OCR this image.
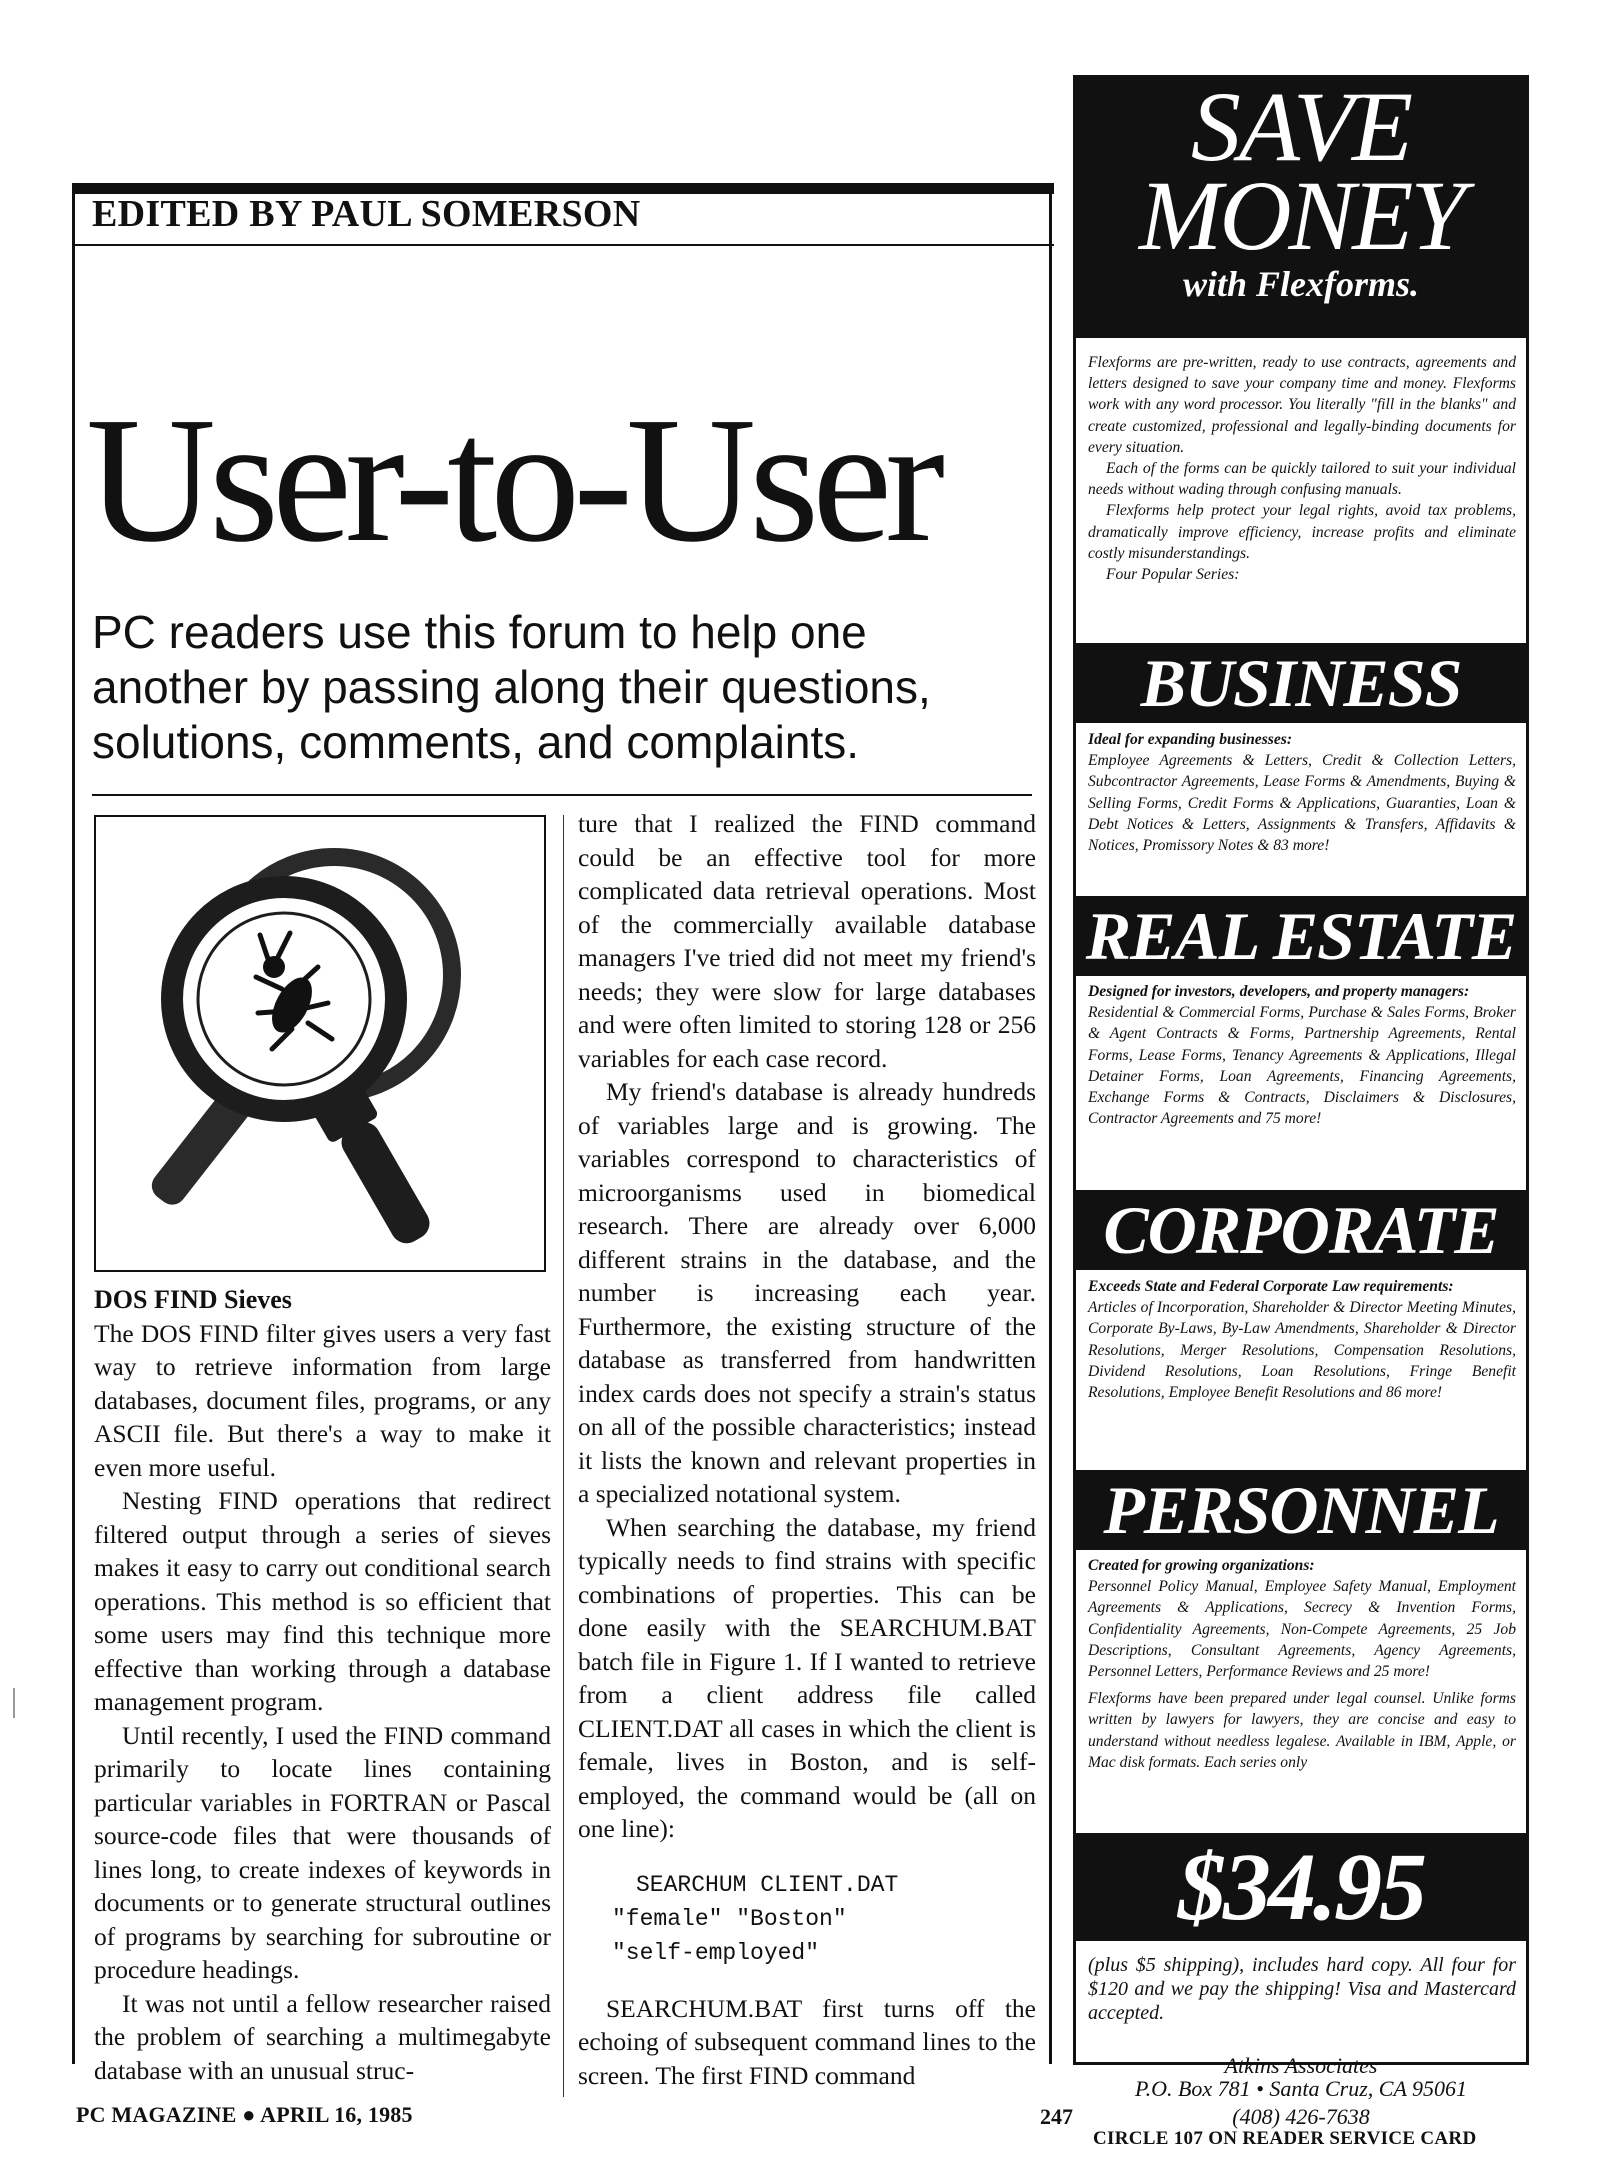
EDITED BY PAUL SOMERSON
User-to-User
PC readers use this forum to help one another by passing along their questions, solutions, comments, and complaints.

DOS FIND Sieves

The DOS FIND filter gives users a very fast way to retrieve information from large databases, document files, programs, or any ASCII file. But there's a way to make it even more useful.

Nesting FIND operations that redirect filtered output through a series of sieves makes it easy to carry out conditional search operations. This method is so efficient that some users may find this technique more effective than working through a database management program.

Until recently, I used the FIND command primarily to locate lines containing particular variables in FORTRAN or Pascal source-code files that were thousands of lines long, to create indexes of keywords in documents or to generate structural outlines of programs by searching for subroutine or procedure headings.

It was not until a fellow researcher raised the problem of searching a multimegabyte database with an unusual struc-

ture that I realized the FIND command could be an effective tool for more complicated data retrieval operations. Most of the commercially available database managers I've tried did not meet my friend's needs; they were slow for large databases and were often limited to storing 128 or 256 variables for each case record.

My friend's database is already hundreds of variables large and is growing. The variables correspond to characteristics of microorganisms used in biomedical research. There are already over 6,000 different strains in the database, and the number is increasing each year. Furthermore, the existing structure of the database as transferred from handwritten index cards does not specify a strain's status on all of the possible characteristics; instead it lists the known and relevant properties in a specialized notational system.

When searching the database, my friend typically needs to find strains with specific combinations of properties. This can be done easily with the SEARCHUM.BAT batch file in Figure 1. If I wanted to retrieve from a client address file called CLIENT.DAT all cases in which the client is female, lives in Boston, and is self-employed, the command would be (all on one line):

SEARCHUM CLIENT.DAT
"female" "Boston"
"self-employed"

SEARCHUM.BAT first turns off the echoing of subsequent command lines to the screen. The first FIND command

PC MAGAZINE ● APRIL 16, 1985	247
SAVE
MONEY
with Flexforms.

Flexforms are pre-written, ready to use contracts, agreements and letters designed to save your company time and money. Flexforms work with any word processor. You literally "fill in the blanks" and create customized, professional and legally-binding documents for every situation.

Each of the forms can be quickly tailored to suit your individual needs without wading through confusing manuals.

Flexforms help protect your legal rights, avoid tax problems, dramatically improve efficiency, increase profits and eliminate costly misunderstandings.

Four Popular Series:

BUSINESS

Ideal for expanding businesses:

Employee Agreements & Letters, Credit & Collection Letters, Subcontractor Agreements, Lease Forms & Amendments, Buying & Selling Forms, Credit Forms & Applications, Guaranties, Loan & Debt Notices & Letters, Assignments & Transfers, Affidavits & Notices, Promissory Notes & 83 more!

REAL ESTATE

Designed for investors, developers, and property managers:

Residential & Commercial Forms, Purchase & Sales Forms, Broker & Agent Contracts & Forms, Partnership Agreements, Rental Forms, Lease Forms, Tenancy Agreements & Applications, Illegal Detainer Forms, Loan Agreements, Financing Agreements, Exchange Forms & Contracts, Disclaimers & Disclosures, Contractor Agreements and 75 more!

CORPORATE

Exceeds State and Federal Corporate Law requirements:

Articles of Incorporation, Shareholder & Director Meeting Minutes, Corporate By-Laws, By-Law Amendments, Shareholder & Director Resolutions, Merger Resolutions, Compensation Resolutions, Dividend Resolutions, Loan Resolutions, Fringe Benefit Resolutions, Employee Benefit Resolutions and 86 more!

PERSONNEL

Created for growing organizations:

Personnel Policy Manual, Employee Safety Manual, Employment Agreements & Applications, Secrecy & Invention Forms, Confidentiality Agreements, Non-Compete Agreements, 25 Job Descriptions, Consultant Agreements, Agency Agreements, Personnel Letters, Performance Reviews and 25 more!

Flexforms have been prepared under legal counsel. Unlike forms written by lawyers for lawyers, they are concise and easy to understand without needless legalese. Available in IBM, Apple, or Mac disk formats. Each series only

$34.95

(plus $5 shipping), includes hard copy. All four for $120 and we pay the shipping! Visa and Mastercard accepted.

Atkins Associates
P.O. Box 781 • Santa Cruz, CA 95061
(408) 426-7638
CIRCLE 107 ON READER SERVICE CARD
